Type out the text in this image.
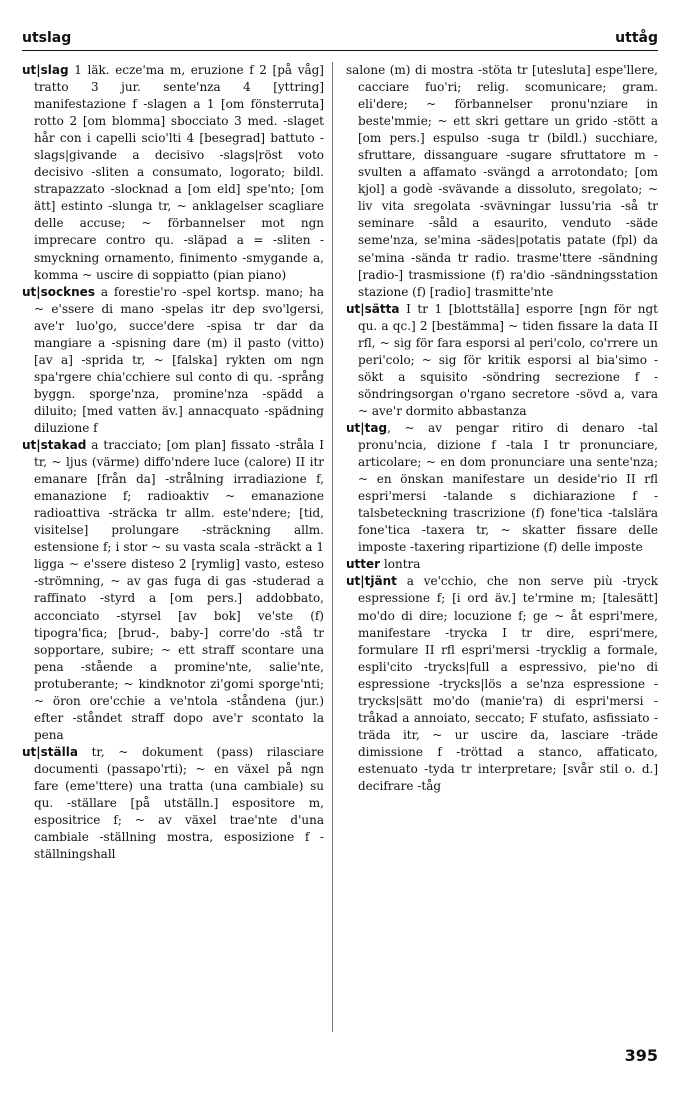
utslag	uttåg

ut|slag 1 läk. ecze'ma m, eruzione f 2 [på våg] tratto 3 jur. sente'nza 4 [yttring] manifestazione f -slagen a 1 [om fönsterruta] rotto 2 [om blomma] sbocciato 3 med. -slaget hår con i capelli scio'lti 4 [besegrad] battuto -slags|givande a decisivo -slags|röst voto decisivo -sliten a consumato, logorato; bildl. strapazzato -slocknad a [om eld] spe'nto; [om ätt] estinto -slunga tr, ~ anklagelser scagliare delle accuse; ~ förbannelser mot ngn imprecare contro qu. -släpad a = -sliten -smyckning ornamento, finimento -smygande a, komma ~ uscire di soppiatto (pian piano)

ut|socknes a forestie'ro -spel kortsp. mano; ha ~ e'ssere di mano -spelas itr dep svo'lgersi, ave'r luo'go, succe'dere -spisa tr dar da mangiare a -spisning dare (m) il pasto (vitto) [av a] -sprida tr, ~ [falska] rykten om ngn spa'rgere chia'cchiere sul conto di qu. -språng byggn. sporge'nza, promine'nza -spädd a diluito; [med vatten äv.] annacquato -spädning diluzione f

ut|stakad a tracciato; [om plan] fissato -stråla I tr, ~ ljus (värme) diffo'ndere luce (calore) II itr emanare [från da] -strålning irradiazione f, emanazione f; radioaktiv ~ emanazione radioattiva -sträcka tr allm. este'ndere; [tid, visitelse] prolungare -sträckning allm. estensione f; i stor ~ su vasta scala -sträckt a 1 ligga ~ e'ssere disteso 2 [rymlig] vasto, esteso -strömning, ~ av gas fuga di gas -studerad a raffinato -styrd a [om pers.] addobbato, acconciato -styrsel [av bok] ve'ste (f) tipogra'fica; [brud-, baby-] corre'do -stå tr sopportare, subire; ~ ett straff scontare una pena -stående a promine'nte, salie'nte, protuberante; ~ kindknotor zi'gomi sporge'nti; ~ öron ore'cchie a ve'ntola -ståndenа (jur.) efter -ståndet straff dopo ave'r scontato la pena

ut|ställa tr, ~ dokument (pass) rilasciare documenti (passapo'rti); ~ en växel på ngn fare (eme'ttere) una tratta (una cambiale) su qu. -ställare [på utställn.] espositore m, espositrice f; ~ av växel trae'nte d'una cambiale -ställning mostra, esposizione f -ställningshall

salone (m) di mostra -stöta tr [uteslutа] espe'llere, cacciare fuo'ri; relig. scomunicare; gram. eli'dere; ~ förbannelser pronu'nziare in beste'mmie; ~ ett skri gettare un grido -stött a [om pers.] espulso -suga tr (bildl.) succhiare, sfruttare, dissanguare -sugare sfruttatore m -svulten a affamato -svängd a arrotondato; [om kjol] a godè -svävande a dissoluto, sregolato; ~ liv vita sregolata -svävningar lussu'ria -så tr seminare -såld a esaurito, venduto -säde seme'nza, se'mina -sädes|potatis patate (fpl) da se'mina -sända tr radio. trasme'ttere -sändning [radio-] trasmissione (f) ra'dio -sändningsstation stazione (f) [radio] trasmitte'nte

ut|sätta I tr 1 [blottställa] esporre [ngn för ngt qu. a qc.] 2 [bestämma] ~ tiden fissare la data II rfl, ~ sig för fara esporsi al peri'colo, co'rrere un peri'colo; ~ sig för kritik esporsi al bia'simo -sökt a squisito -söndring secrezione f -söndringsorgan o'rgano secretore -sövd a, vara ~ ave'r dormito abbastanza

ut|tag, ~ av pengar ritiro di denaro -tal pronu'ncia, dizione f -tala I tr pronunciare, articolare; ~ en dom pronunciare una sente'nza; ~ en önskan manifestare un deside'rio II rfl espri'mersi -talande s dichiarazione f -talsbeteckning trascrizione (f) fone'tica -talslära fone'tica -taxera tr, ~ skatter fissare delle imposte -taxering ripartizione (f) delle imposte

utter lontra

ut|tjänt a ve'cchio, che non serve più -tryck espressione f; [i ord äv.] te'rmine m; [talesätt] mo'do di dire; locuzione f; ge ~ åt espri'mere, manifestare -trycka I tr dire, espri'mere, formulare II rfl espri'mersi -trycklig a formale, espli'cito -trycks|full a espressivo, pie'no di espressione -trycks|lös a se'nza espressione -trycks|sätt mo'do (manie'ra) di espri'mersi -tråkad a annoiato, seccato; F stufato, asfissiato -träda itr, ~ ur uscire da, lasciare -träde dimissione f -tröttad a stanco, affaticato, estenuato -tyda tr interpretare; [svår stil o. d.] decifrare -tåg

395
